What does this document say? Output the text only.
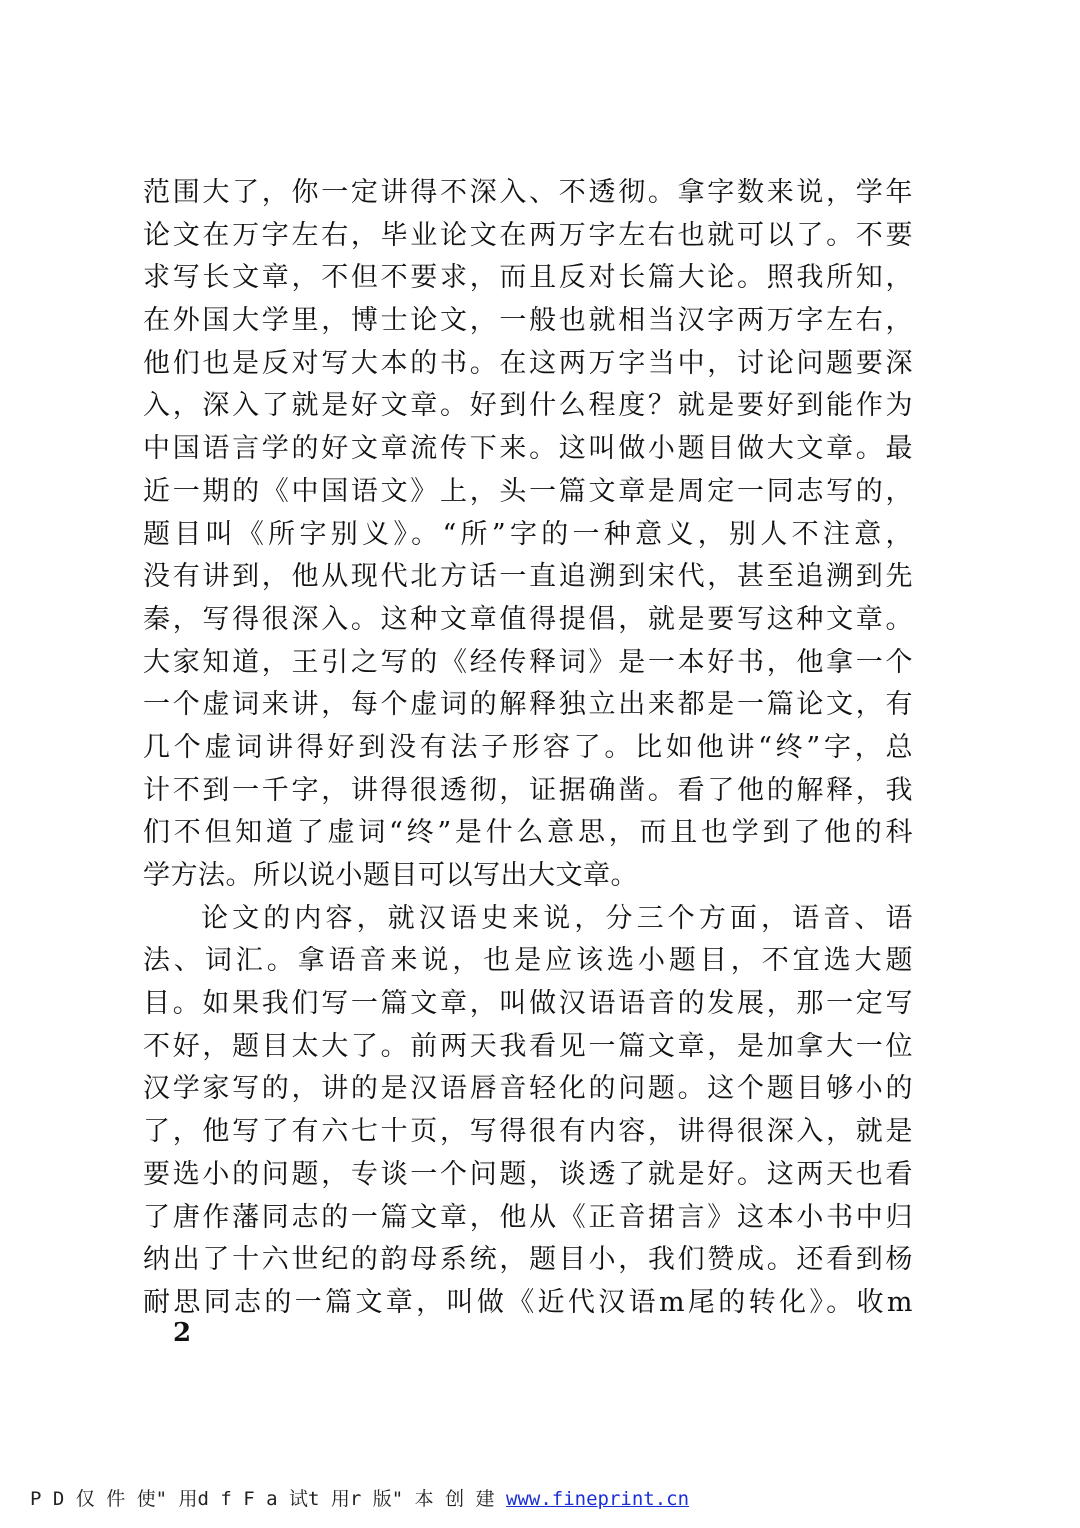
范围大了，你一定讲得不深入、不透彻。拿字数来说，学年
论文在万字左右，毕业论文在两万字左右也就可以了。不要
求写长文章，不但不要求，而且反对长篇大论。照我所知，
在外国大学里，博士论文，一般也就相当汉字两万字左右，
他们也是反对写大本的书。在这两万字当中，讨论问题要深
入，深入了就是好文章。好到什么程度？就是要好到能作为
中国语言学的好文章流传下来。这叫做小题目做大文章。最
近一期的《中国语文》上，头一篇文章是周定一同志写的，
题目叫《所字别义》。“所”字的一种意义，别人不注意，
没有讲到，他从现代北方话一直追溯到宋代，甚至追溯到先
秦，写得很深入。这种文章值得提倡，就是要写这种文章。
大家知道，王引之写的《经传释词》是一本好书，他拿一个
一个虚词来讲，每个虚词的解释独立出来都是一篇论文，有
几个虚词讲得好到没有法子形容了。比如他讲“终”字，总
计不到一千字，讲得很透彻，证据确凿。看了他的解释，我
们不但知道了虚词“终”是什么意思，而且也学到了他的科
学方法。所以说小题目可以写出大文章。
论文的内容，就汉语史来说，分三个方面，语音、语
法、词汇。拿语音来说，也是应该选小题目，不宜选大题
目。如果我们写一篇文章，叫做汉语语音的发展，那一定写
不好，题目太大了。前两天我看见一篇文章，是加拿大一位
汉学家写的，讲的是汉语唇音轻化的问题。这个题目够小的
了，他写了有六七十页，写得很有内容，讲得很深入，就是
要选小的问题，专谈一个问题，谈透了就是好。这两天也看
了唐作藩同志的一篇文章，他从《正音捃言》这本小书中归
纳出了十六世纪的韵母系统，题目小，我们赞成。还看到杨
耐思同志的一篇文章，叫做《近代汉语m尾的转化》。收m
2
P D 仅 件 使" 用d f F a 试t 用r 版" 本 创 建 www.fineprint.cn
